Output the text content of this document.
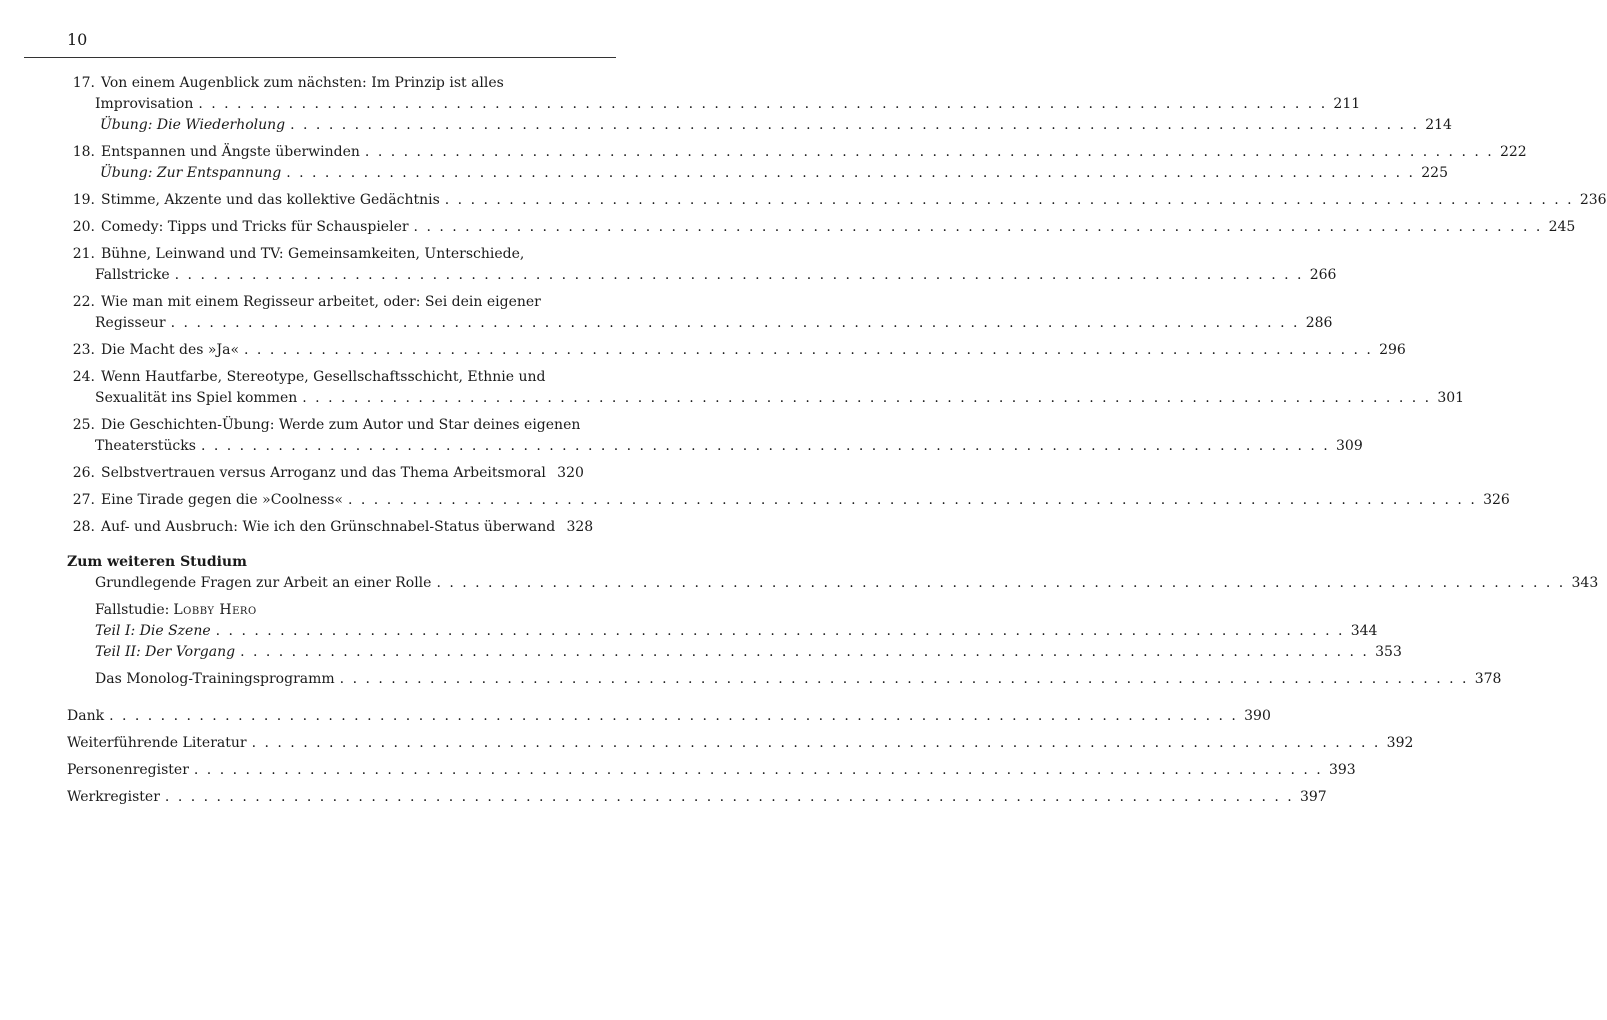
10
17. Von einem Augenblick zum nächsten: Im Prinzip ist alles
Improvisation . . . . . . . . . . . . . . . . . . . . . . . . . . . . . . . . . . . . . . . . . . . . . . . . . . . . . . . . . . . . . . . . . . . . . . . . . . . . . . . . . . . . . . . . 211
Übung: Die Wiederholung . . . . . . . . . . . . . . . . . . . . . . . . . . . . . . . . . . . . . . . . . . . . . . . . . . . . . . . . . . . . . . . . . . . . . . . . . . . . . . . . . . . . . . . . 214
18. Entspannen und Ängste überwinden . . . . . . . . . . . . . . . . . . . . . . . . . . . . . . . . . . . . . . . . . . . . . . . . . . . . . . . . . . . . . . . . . . . . . . . . . . . . . . . . . . . . . . . . 222
Übung: Zur Entspannung . . . . . . . . . . . . . . . . . . . . . . . . . . . . . . . . . . . . . . . . . . . . . . . . . . . . . . . . . . . . . . . . . . . . . . . . . . . . . . . . . . . . . . . . 225
19. Stimme, Akzente und das kollektive Gedächtnis . . . . . . . . . . . . . . . . . . . . . . . . . . . . . . . . . . . . . . . . . . . . . . . . . . . . . . . . . . . . . . . . . . . . . . . . . . . . . . . . . . . . . . . . 236
20. Comedy: Tipps und Tricks für Schauspieler . . . . . . . . . . . . . . . . . . . . . . . . . . . . . . . . . . . . . . . . . . . . . . . . . . . . . . . . . . . . . . . . . . . . . . . . . . . . . . . . . . . . . . . . 245
21. Bühne, Leinwand und TV: Gemeinsamkeiten, Unterschiede,
Fallstricke . . . . . . . . . . . . . . . . . . . . . . . . . . . . . . . . . . . . . . . . . . . . . . . . . . . . . . . . . . . . . . . . . . . . . . . . . . . . . . . . . . . . . . . . 266
22. Wie man mit einem Regisseur arbeitet, oder: Sei dein eigener
Regisseur . . . . . . . . . . . . . . . . . . . . . . . . . . . . . . . . . . . . . . . . . . . . . . . . . . . . . . . . . . . . . . . . . . . . . . . . . . . . . . . . . . . . . . . . 286
23. Die Macht des »Ja« . . . . . . . . . . . . . . . . . . . . . . . . . . . . . . . . . . . . . . . . . . . . . . . . . . . . . . . . . . . . . . . . . . . . . . . . . . . . . . . . . . . . . . . . 296
24. Wenn Hautfarbe, Stereotype, Gesellschaftsschicht, Ethnie und
Sexualität ins Spiel kommen . . . . . . . . . . . . . . . . . . . . . . . . . . . . . . . . . . . . . . . . . . . . . . . . . . . . . . . . . . . . . . . . . . . . . . . . . . . . . . . . . . . . . . . . 301
25. Die Geschichten-Übung: Werde zum Autor und Star deines eigenen
Theaterstücks . . . . . . . . . . . . . . . . . . . . . . . . . . . . . . . . . . . . . . . . . . . . . . . . . . . . . . . . . . . . . . . . . . . . . . . . . . . . . . . . . . . . . . . . 309
26. Selbstvertrauen versus Arroganz und das Thema Arbeitsmoral 320
27. Eine Tirade gegen die »Coolness« . . . . . . . . . . . . . . . . . . . . . . . . . . . . . . . . . . . . . . . . . . . . . . . . . . . . . . . . . . . . . . . . . . . . . . . . . . . . . . . . . . . . . . . . 326
28. Auf- und Ausbruch: Wie ich den Grünschnabel-Status überwand 328
Zum weiteren Studium
Grundlegende Fragen zur Arbeit an einer Rolle . . . . . . . . . . . . . . . . . . . . . . . . . . . . . . . . . . . . . . . . . . . . . . . . . . . . . . . . . . . . . . . . . . . . . . . . . . . . . . . . . . . . . . . . 343
Fallstudie: Lobby Hero
Teil I: Die Szene . . . . . . . . . . . . . . . . . . . . . . . . . . . . . . . . . . . . . . . . . . . . . . . . . . . . . . . . . . . . . . . . . . . . . . . . . . . . . . . . . . . . . . . . 344
Teil II: Der Vorgang . . . . . . . . . . . . . . . . . . . . . . . . . . . . . . . . . . . . . . . . . . . . . . . . . . . . . . . . . . . . . . . . . . . . . . . . . . . . . . . . . . . . . . . . 353
Das Monolog-Trainingsprogramm . . . . . . . . . . . . . . . . . . . . . . . . . . . . . . . . . . . . . . . . . . . . . . . . . . . . . . . . . . . . . . . . . . . . . . . . . . . . . . . . . . . . . . . . 378
Dank . . . . . . . . . . . . . . . . . . . . . . . . . . . . . . . . . . . . . . . . . . . . . . . . . . . . . . . . . . . . . . . . . . . . . . . . . . . . . . . . . . . . . . . . 390
Weiterführende Literatur . . . . . . . . . . . . . . . . . . . . . . . . . . . . . . . . . . . . . . . . . . . . . . . . . . . . . . . . . . . . . . . . . . . . . . . . . . . . . . . . . . . . . . . . 392
Personenregister . . . . . . . . . . . . . . . . . . . . . . . . . . . . . . . . . . . . . . . . . . . . . . . . . . . . . . . . . . . . . . . . . . . . . . . . . . . . . . . . . . . . . . . . 393
Werkregister . . . . . . . . . . . . . . . . . . . . . . . . . . . . . . . . . . . . . . . . . . . . . . . . . . . . . . . . . . . . . . . . . . . . . . . . . . . . . . . . . . . . . . . . 397
